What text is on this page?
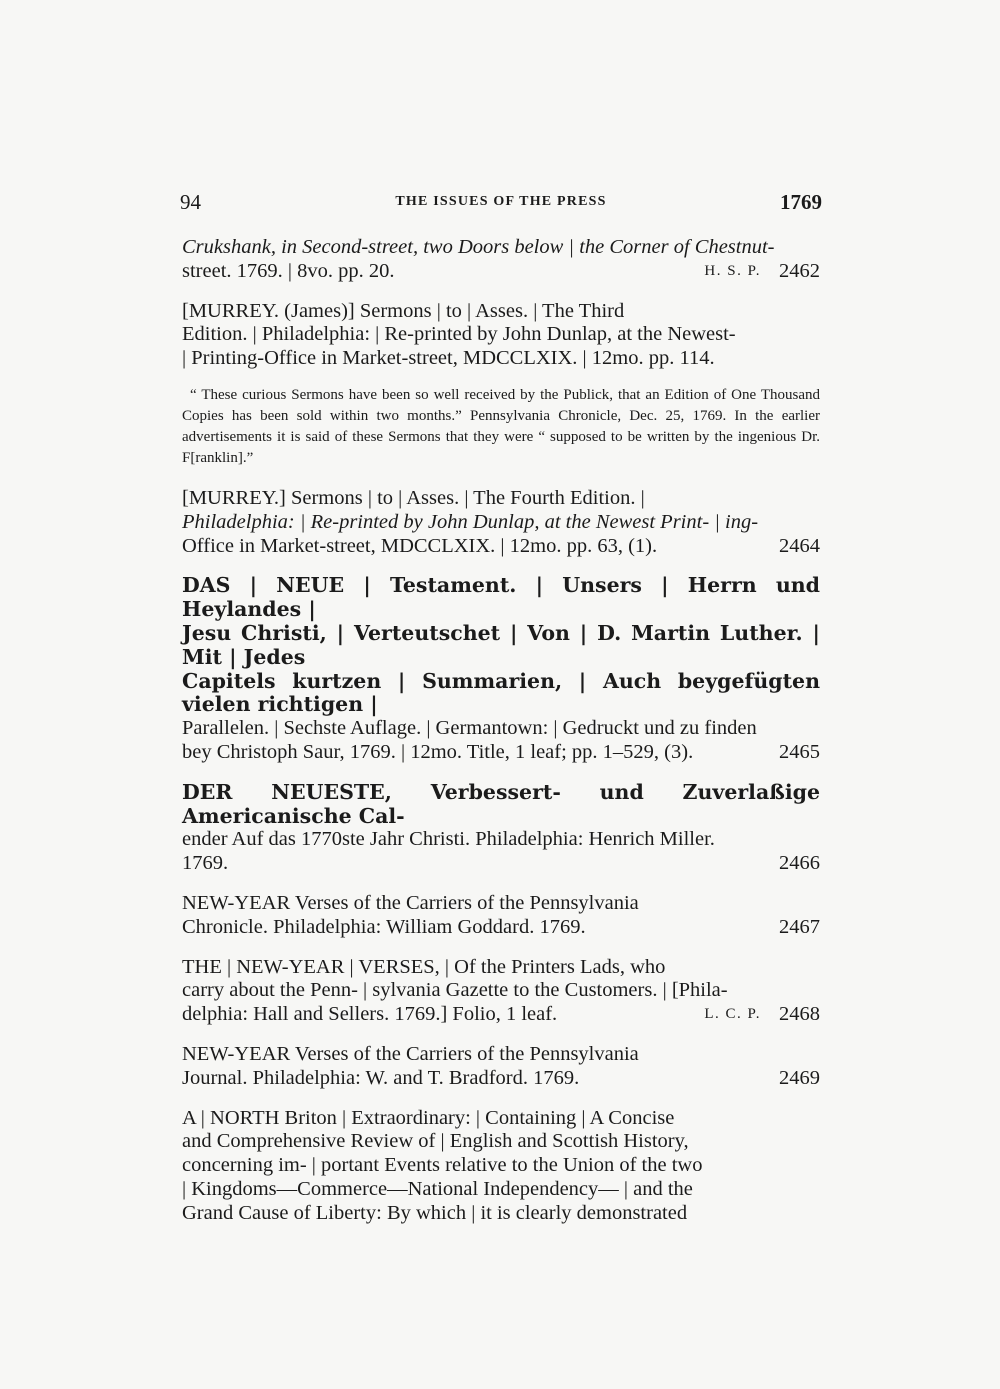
94	THE ISSUES OF THE PRESS	1769
Crukshank, in Second-street, two Doors below | the Corner of Chestnut-
street. 1769. | 8vo. pp. 20.	2462
H. S. P.
[MURREY. (James)] Sermons | to | Asses. | The Third
Edition. | Philadelphia: | Re-printed by John Dunlap, at the Newest-
| Printing-Office in Market-street, MDCCLXIX. | 12mo. pp. 114.

“ These curious Sermons have been so well received by the Publick, that an Edition of One Thousand Copies has been sold within two months.” Pennsylvania Chronicle, Dec. 25, 1769. In the earlier advertisements it is said of these Sermons that they were “ supposed to be written by the ingenious Dr. F[ranklin].”

[MURREY.] Sermons | to | Asses. | The Fourth Edition. |
Philadelphia: | Re-printed by John Dunlap, at the Newest Print- | ing-
Office in Market-street, MDCCLXIX. | 12mo. pp. 63, (1).	2464
DAS | NEUE | Testament. | Unsers | Herrn und Heylandes |
Jesu Christi, | Verteutschet | Von | D. Martin Luther. | Mit | Jedes
Capitels kurtzen | Summarien, | Auch beygefügten vielen richtigen |
Parallelen. | Sechste Auflage. | Germantown: | Gedruckt und zu finden
bey Christoph Saur, 1769. | 12mo. Title, 1 leaf; pp. 1–529, (3).	2465
DER NEUESTE, Verbessert- und Zuverlaßige Americanische Cal-
ender Auf das 1770ste Jahr Christi. Philadelphia: Henrich Miller.
1769.	2466
NEW-YEAR Verses of the Carriers of the Pennsylvania
Chronicle. Philadelphia: William Goddard. 1769.	2467
THE | NEW-YEAR | VERSES, | Of the Printers Lads, who
carry about the Penn- | sylvania Gazette to the Customers. | [Phila-
delphia: Hall and Sellers. 1769.] Folio, 1 leaf.	2468
L. C. P.
NEW-YEAR Verses of the Carriers of the Pennsylvania
Journal. Philadelphia: W. and T. Bradford. 1769.	2469
A | NORTH Briton | Extraordinary: | Containing | A Concise
and Comprehensive Review of | English and Scottish History,
concerning im- | portant Events relative to the Union of the two
| Kingdoms—Commerce—National Independency— | and the
Grand Cause of Liberty: By which | it is clearly demonstrated
